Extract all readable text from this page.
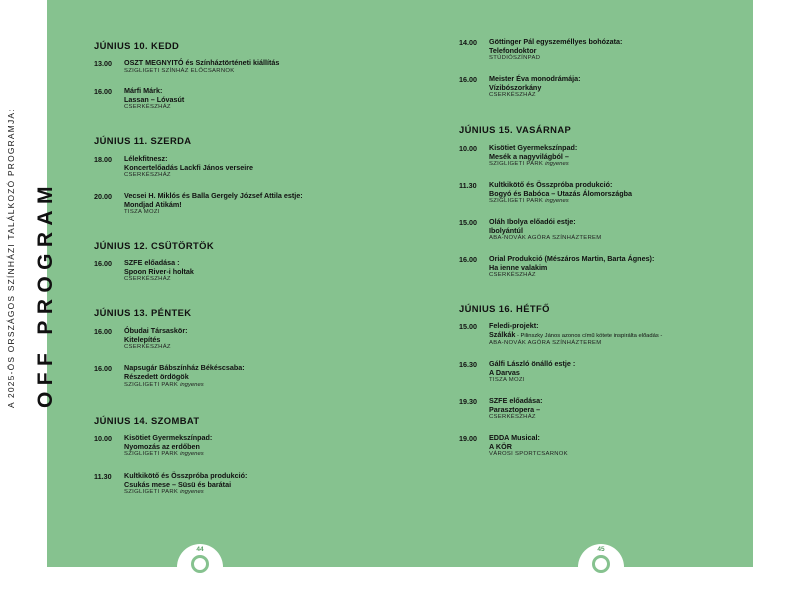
A 2025-ÖS ORSZÁGOS SZÍNHÁZI TALÁLKOZÓ PROGRAMJA: OFF PROGRAM
JÚNIUS 10. KEDD
13.00 OSZT MEGNYITÓ és Színháztörténeti kiállítás
SZIGLIGETI SZÍNHÁZ ELŐCSARNOK
16.00 Márfi Márk:
Lassan – Lóvasút
CSERKÉSZHÁZ
JÚNIUS 11. SZERDA
18.00 Lélekfitnesz:
Koncertelőadás Lackfi János verseire
CSERKÉSZHÁZ
20.00 Vecsei H. Miklós és Balla Gergely József Attila estje:
Mondjad Atikám!
TISZA MOZI
JÚNIUS 12. CSÜTÖRTÖK
16.00 SZFE előadása :
Spoon River-i holtak
CSERKÉSZHÁZ
JÚNIUS 13. PÉNTEK
16.00 Óbudai Társaskör:
Kitelepítés
CSERKÉSZHÁZ
16.00 Napsugár Bábszínház Békéscsaba:
Részedett ördögök
SZIGLIGETI PARK ingyenes
JÚNIUS 14. SZOMBAT
10.00 Kisötiet Gyermekszínpad:
Nyomozás az erdőben
SZIGLIGETI PARK ingyenes
11.30 Kultkikötő és Összpróba produkció:
Csukás mese – Süsü és barátai
SZIGLIGETI PARK ingyenes
14.00 Göttinger Pál egyszeméllyes bohózata:
Telefondoktor
STÚDIÓSZÍNPAD
16.00 Meister Éva monodrámája:
Vízibószorkány
CSERKÉSZHÁZ
JÚNIUS 15. VASÁRNAP
10.00 Kisötiet Gyermekszínpad:
Mesék a nagyvilágból –
SZIGLIGETI PARK ingyenes
11.30 Kultkikötő és Összpróba produkció:
Bogyó és Babóca – Utazás Álomországba
SZIGLIGETI PARK ingyenes
15.00 Oláh Ibolya előadói estje:
Ibolyántúl
ABA-NOVÁK AGÓRA SZÍNHÁZTEREM
16.00 Orial Produkció (Mészáros Martin, Barta Ágnes):
Ha ienne valakim
CSERKÉSZHÁZ
JÚNIUS 16. HÉTFŐ
15.00 Feledi-projekt:
Szálkák - Pilinszky János azonos című kötete inspirálta előadás -
ABA-NOVÁK AGÓRA SZÍNHÁZTEREM
16.30 Gálfi László önálló estje :
A Darvas
TISZA MOZI
19.30 SZFE előadása:
Parasztopera –
CSERKÉSZHÁZ
19.00 EDDA Musical:
A KÖR
VÁROSI SPORTCSARNOK
44	45
